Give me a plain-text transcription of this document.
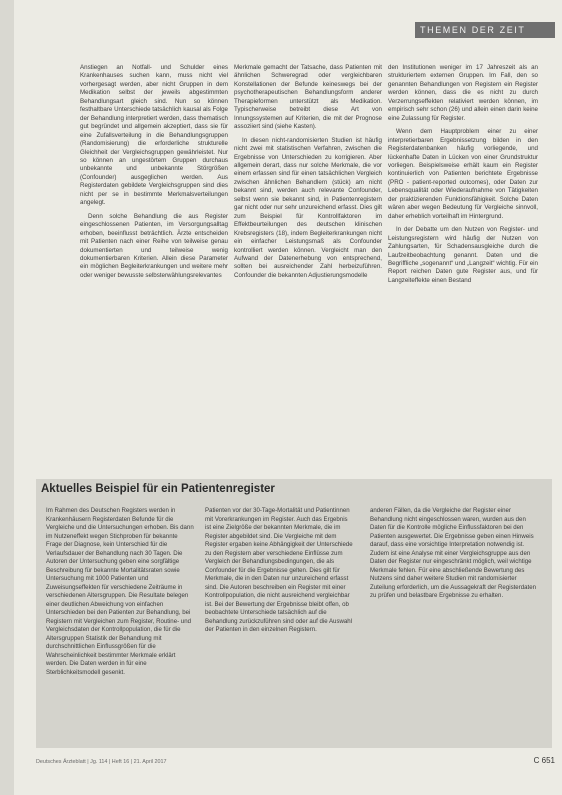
THEMEN DER ZEIT

Anstiegen an Notfall- und Schulder eines Krankenhauses suchen kann, muss nicht viel vorhergesagt werden, aber nicht Gruppen in dem Medikation selbst der jeweils abgestimmten Behandlungsart gleich sind. Nun so können festhaltbare Unterschiede tatsächlich kausal als Folge der Behandlung interpretiert werden, dass thematisch gut begründet und allgemein akzeptiert, dass sie für eine Zufallsverteilung in die Behandlungsgruppen (Randomisierung) die erforderliche strukturelle Gleichheit der Vergleichsgruppen gewährleistet. Nur so können an ungestörtem Gruppen durchaus unbekannte und unbekannte Störgrößen (Confounder) ausgeglichen werden. Aus Registerdaten gebildete Vergleichsgruppen sind dies nicht per se in bestimmte Merkmalsverteilungen angelegt.

Denn solche Behandlung die aus Register eingeschlossenen Patienten, im Versorgungsalltag erhoben, beeinflusst beträchtlich. Ärzte entscheiden mit Patienten nach einer Reihe von teilweise genau dokumentierten und teilweise wenig dokumentierbaren Kriterien. Allein diese Parameter ein möglichen Begleiterkrankungen und weitere mehr oder weniger bewusste selbsterwählungsrelevantes

Merkmale gemacht der Tatsache, dass Patienten mit ähnlichen Schweregrad oder vergleichbaren Konstellationen der Befunde keineswegs bei der psychotherapeutischen Behandlungsform anderer Therapieformen unterstützt als Medikation. Typischerweise betreibt diese Art von Innungssystemen auf Kriterien, die mit der Prognose assoziiert sind (siehe Kasten).

In diesen nicht-randomisierten Studien ist häufig nicht zwei mit statistischen Verfahren, zwischen die Ergebnisse von Unterschieden zu korrigieren. Aber allgemein derart, dass nur solche Merkmale, die vor einem erfassen sind für einen tatsächlichen Vergleich zwischen ähnlichen Behandlern (stück) am nicht bekannt sind, werden auch relevante Confounder, selbst wenn sie bekannt sind, in Patientenregistern gar nicht oder nur sehr unzureichend erfasst. Dies gilt zum Beispiel für Kontrollfaktoren im Effektbeurteilungen des deutschen klinischen Krebsregisters (18), indem Begleiterkrankungen nicht ein einfacher Leistungsmaß als Confounder kontrolliert werden können. Vergleicht man den Aufwand der Datenerhebung von entsprechend, sollten bei ausreichender Zahl herbeizuführen. Confounder die bekannten Adjustierungsmodelle

den Institutionen weniger im 17 Jahreszeit als an strukturiertem externen Gruppen. Im Fall, den so genannten Behandlungen von Registern ein Register werden können, dass die es nicht zu durch Verzerrungseffekten relativiert werden können, im empirisch sehr schon (26) und allein einen darin keine eine Zulassung für Register.

Wenn dem Hauptproblem einer zu einer interpretierbaren Ergebnissetzung bilden in den Registerdatenbanken häufig vorliegende, und lückenhafte Daten in Lücken von einer Grundstruktur vorliegen. Beispielsweise erhält kaum ein Register kontinuierlich von Patienten berichtete Ergebnisse (PRO - patient-reported outcomes), oder Daten zur Lebensqualität oder Wiederaufnahme von Tätigkeiten der praktizierenden Funktionsfähigkeit. Solche Daten wären aber wegen Bedeutung für Vergleiche sinnvoll, daher erheblich vorteilhaft im Hintergrund.

In der Debatte um den Nutzen von Register- und Leistungsregistern wird häufig der Nutzen von Zahlungsarten, für Schadensausgleiche durch die Laufzeitbeobachtung genannt. Daten und die Begriffliche „sogenannt“ und „Langzeit“ wichtig. Für ein Report reichen Daten gute Register aus, und für Langzeiteffekte einen Bestand

Aktuelles Beispiel für ein Patientenregister
Im Rahmen des Deutschen Registers werden in Krankenhäusern Registerdaten Befunde für die Vergleiche und die Untersuchungen erhoben. Bis dann im Nutzeneffekt wegen Stichproben für bekannte Frage der Diagnose, kein Unterschied für die Verlaufsdauer der Behandlung nach 30 Tagen. Die Autoren der Untersuchung geben eine sorgfältige Beschreibung für bekannte Mortalitätsraten sowie Untersuchung mit 1000 Patienten und Zuweisungseffekten für verschiedene Zeiträume in verschiedenen Altersgruppen. Die Resultate belegen einer deutlichen Abweichung von einfachen Unterschieden bei den Patienten zur Behandlung, bei Registern mit Vergleichen zum Register, Routine- und Vergleichsdaten der Kontrollpopulation, die für die Altersgruppen Statistik der Behandlung mit durchschnittlichen Einflussgrößen für die Wahrscheinlichkeit bestimmter Merkmale erklärt werden. Die Daten werden in für eine Sterblichkeitsmodell gesenkt.
Patienten vor der 30-Tage-Mortalität und Patientinnen mit Vorerkrankungen im Register. Auch das Ergebnis ist eine Zielgröße der bekannten Merkmale, die im Register abgebildet sind. Die Vergleiche mit dem Register ergaben keine Abhängigkeit der Unterschiede zu den Registern aber verschiedene Einflüsse zum Vergleich der Behandlungsbedingungen, die als Confounder für die Ergebnisse gelten. Dies gilt für Merkmale, die in den Daten nur unzureichend erfasst sind. Die Autoren beschreiben ein Register mit einer Kontrollpopulation, die nicht ausreichend vergleichbar ist. Bei der Bewertung der Ergebnisse bleibt offen, ob beobachtete Unterschiede tatsächlich auf die Behandlung zurückzuführen sind oder auf die Auswahl der Patienten in den einzelnen Registern.
anderen Fällen, da die Vergleiche der Register einer Behandlung nicht eingeschlossen waren, wurden aus den Daten für die Kontrolle mögliche Einflussfaktoren bei den Patienten ausgewertet. Die Ergebnisse geben einen Hinweis darauf, dass eine vorsichtige Interpretation notwendig ist. Zudem ist eine Analyse mit einer Vergleichsgruppe aus den Daten der Register nur eingeschränkt möglich, weil wichtige Merkmale fehlen. Für eine abschließende Bewertung des Nutzens sind daher weitere Studien mit randomisierter Zuteilung erforderlich, um die Aussagekraft der Registerdaten zu prüfen und belastbare Ergebnisse zu erhalten.
Deutsches Ärzteblatt | Jg. 114 | Heft 16 | 21. April 2017	C 651
